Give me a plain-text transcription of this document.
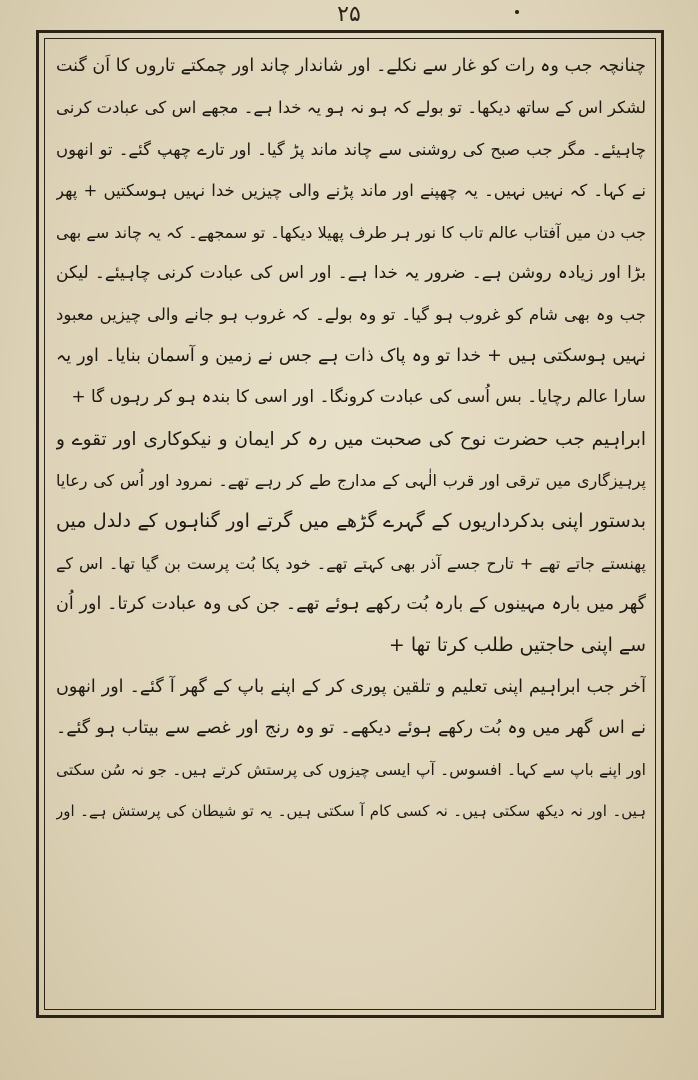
۲۵
چنانچہ جب وہ رات کو غار سے نکلے۔ اور شاندار چاند اور چمکتے تاروں کا اَن گنت
لشکر اس کے ساتھ دیکھا۔ تو بولے کہ ہو نہ ہو یہ خدا ہے۔ مجھے اس کی عبادت کرنی
چاہیئے۔ مگر جب صبح کی روشنی سے چاند ماند پڑ گیا۔ اور تارے چھپ گئے۔ تو انھوں
نے کہا۔ کہ نہیں نہیں۔ یہ چھپنے اور ماند پڑنے والی چیزیں خدا نہیں ہوسکتیں + پھر
جب دن میں آفتاب عالم تاب کا نور ہر طرف پھیلا دیکھا۔ تو سمجھے۔ کہ یہ چاند سے بھی
بڑا اور زیادہ روشن ہے۔ ضرور یہ خدا ہے۔ اور اس کی عبادت کرنی چاہیئے۔ لیکن
جب وہ بھی شام کو غروب ہو گیا۔ تو وہ بولے۔ کہ غروب ہو جانے والی چیزیں معبود
نہیں ہوسکتی ہیں + خدا تو وہ پاک ذات ہے جس نے زمین و آسمان بنایا۔ اور یہ
سارا عالم رچایا۔ بس اُسی کی عبادت کرونگا۔ اور اسی کا بندہ ہو کر رہوں گا +
ابراہیم جب حضرت نوح کی صحبت میں رہ کر ایمان و نیکوکاری اور تقوے و
پرہیزگاری میں ترقی اور قرب الٰہی کے مدارج طے کر رہے تھے۔ نمرود اور اُس کی رعایا
بدستور اپنی بدکرداریوں کے گہرے گڑھے میں گرتے اور گناہوں کے دلدل میں
پھنستے جاتے تھے + تارح جسے آذر بھی کہتے تھے۔ خود پکا بُت پرست بن گیا تھا۔ اس کے
گھر میں بارہ مہینوں کے بارہ بُت رکھے ہوئے تھے۔ جن کی وہ عبادت کرتا۔ اور اُن
سے اپنی حاجتیں طلب کرتا تھا +
آخر جب ابراہیم اپنی تعلیم و تلقین پوری کر کے اپنے باپ کے گھر آ گئے۔ اور انھوں
نے اس گھر میں وہ بُت رکھے ہوئے دیکھے۔ تو وہ رنج اور غصے سے بیتاب ہو گئے۔
اور اپنے باپ سے کہا۔ افسوس۔ آپ ایسی چیزوں کی پرستش کرتے ہیں۔ جو نہ سُن سکتی
ہیں۔ اور نہ دیکھ سکتی ہیں۔ نہ کسی کام آ سکتی ہیں۔ یہ تو شیطان کی پرستش ہے۔ اور
